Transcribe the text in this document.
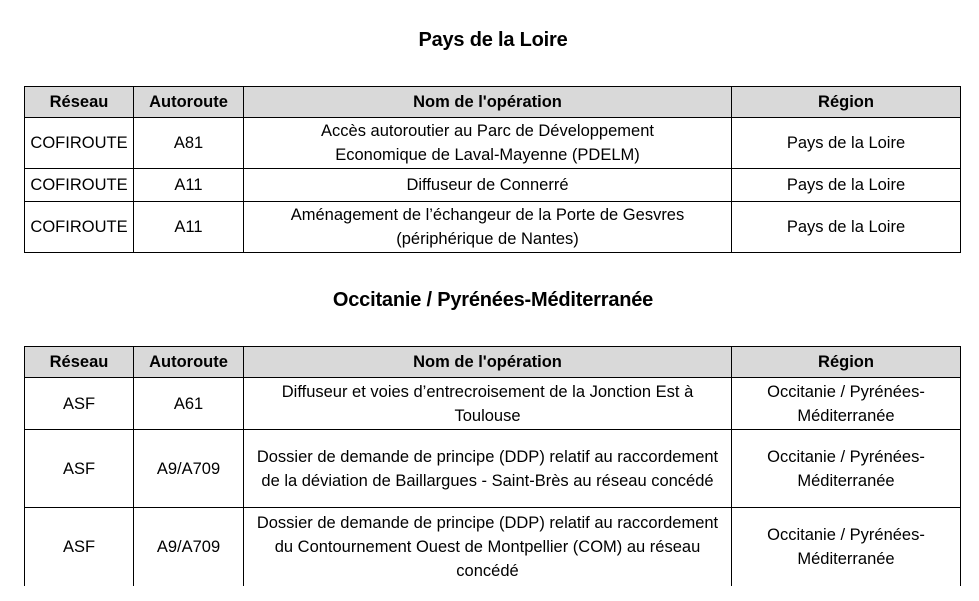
Pays de la Loire
Réseau	Autoroute	Nom de l'opération	Région
COFIROUTE	A81	Accès autoroutier au Parc de Développement Economique de Laval-Mayenne (PDELM)	Pays de la Loire
COFIROUTE	A11	Diffuseur de Connerré	Pays de la Loire
COFIROUTE	A11	Aménagement de l’échangeur de la Porte de Gesvres (périphérique de Nantes)	Pays de la Loire
Occitanie / Pyrénées-Méditerranée
Réseau	Autoroute	Nom de l'opération	Région
ASF	A61	Diffuseur et voies d’entrecroisement de la Jonction Est à Toulouse	Occitanie / Pyrénées-Méditerranée
ASF	A9/A709	Dossier de demande de principe (DDP) relatif au raccordement de la déviation de Baillargues - Saint-Brès au réseau concédé	Occitanie / Pyrénées-Méditerranée
ASF	A9/A709	Dossier de demande de principe (DDP) relatif au raccordement du Contournement Ouest de Montpellier (COM) au réseau concédé	Occitanie / Pyrénées-Méditerranée
